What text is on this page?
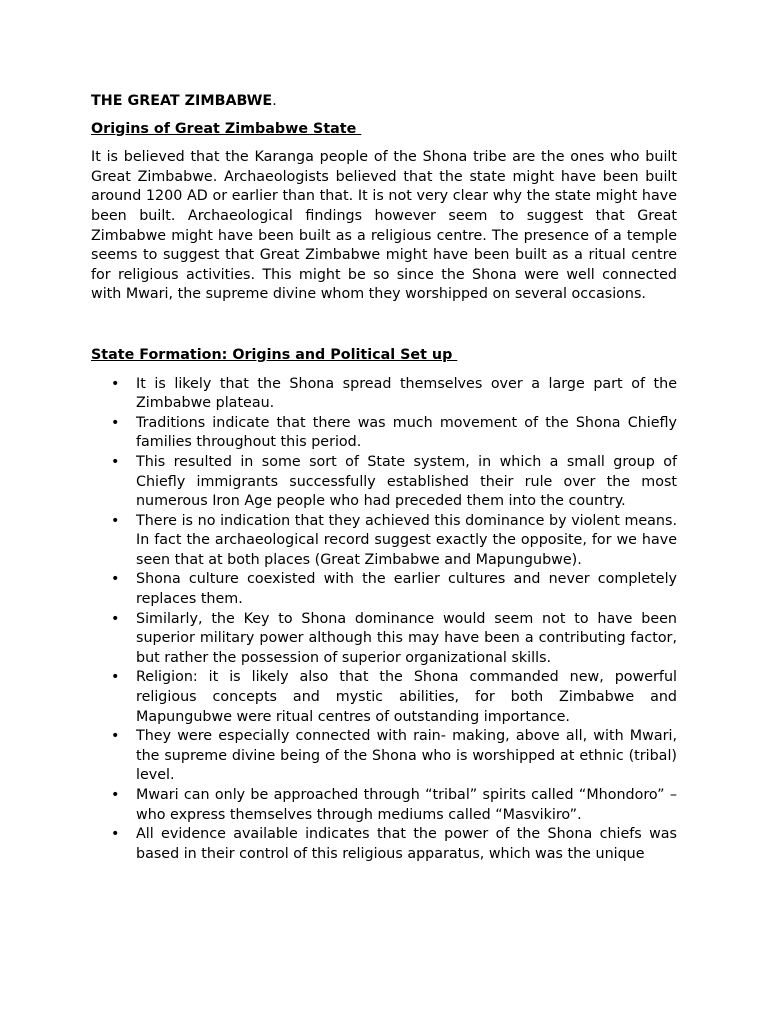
THE GREAT ZIMBABWE.
Origins of Great Zimbabwe State

It is believed that the Karanga people of the Shona tribe are the ones who built Great Zimbabwe. Archaeologists believed that the state might have been built around 1200 AD or earlier than that. It is not very clear why the state might have been built. Archaeological findings however seem to suggest that Great Zimbabwe might have been built as a religious centre. The presence of a temple seems to suggest that Great Zimbabwe might have been built as a ritual centre for religious activities. This might be so since the Shona were well connected with Mwari, the supreme divine whom they worshipped on several occasions.

State Formation: Origins and Political Set up
• It is likely that the Shona spread themselves over a large part of the Zimbabwe plateau.
• Traditions indicate that there was much movement of the Shona Chiefly families throughout this period.
• This resulted in some sort of State system, in which a small group of Chiefly immigrants successfully established their rule over the most numerous Iron Age people who had preceded them into the country.
• There is no indication that they achieved this dominance by violent means. In fact the archaeological record suggest exactly the opposite, for we have seen that at both places (Great Zimbabwe and Mapungubwe).
• Shona culture coexisted with the earlier cultures and never completely replaces them.
• Similarly, the Key to Shona dominance would seem not to have been superior military power although this may have been a contributing factor, but rather the possession of superior organizational skills.
• Religion: it is likely also that the Shona commanded new, powerful religious concepts and mystic abilities, for both Zimbabwe and Mapungubwe were ritual centres of outstanding importance.
• They were especially connected with rain- making, above all, with Mwari, the supreme divine being of the Shona who is worshipped at ethnic (tribal) level.
• Mwari can only be approached through “tribal” spirits called “Mhondoro” – who express themselves through mediums called “Masvikiro”.
• All evidence available indicates that the power of the Shona chiefs was based in their control of this religious apparatus, which was the unique
